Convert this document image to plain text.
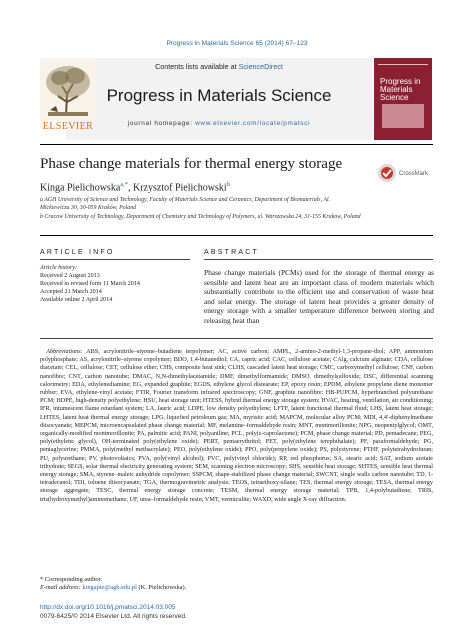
Progress in Materials Science 65 (2014) 67–123
ELSEVIER
Contents lists available at ScienceDirect
Progress in Materials Science
journal homepage: www.elsevier.com/locate/pmatsci
Progress in Materials Science
Phase change materials for thermal energy storage
CrossMark
Kinga Pielichowska$^{a,*}$, Krzysztof Pielichowski$^b$
a AGH University of Science and Technology, Faculty of Materials Science and Ceramics, Department of Biomaterials, Al.
Mickiewicza 30, 30-059 Kraków, Poland
b Cracow University of Technology, Department of Chemistry and Technology of Polymers, ul. Warszawska 24, 31-155 Krakow, Poland
ARTICLE INFO	ABSTRACT
Article history:
Received 2 August 2013
Received in revised form 11 March 2014
Accepted 21 March 2014
Available online 2 April 2014
Phase change materials (PCMs) used for the storage of thermal energy as sensible and latent heat are an important class of modern materials which substantially contribute to the efficient use and conservation of waste heat and solar energy. The storage of latent heat provides a greater density of energy storage with a smaller temperature difference between storing and releasing heat than
 Abbreviations: ABS, acrylonitrile–styrene–butadiene terpolymer; AC, active carbon; AMPL, 2-amino-2-methyl-1,3-propane-diol; APP, ammonium polyphosphate; AS, acrylonitrile–styrene copolymer; BDO, 1,4-butanediol; CA, capric acid; CAC, cellulose acetate; CAlg, calcium alginate; CDA, cellulose diacetate; CEL, cellulose; CET, cellulose ether; CHS, composite heat sink; CLHS, cascaded latent heat storage; CMC, carboxymethyl cellulose; CNF, carbon nanofibre; CNT, carbon nanotube; DMAC, N,N-dimethylacetamide; DMF, dimethylformamide; DMSO, dimethylsulfoxide; DSC, differential scanning calorimetry; EDA, ethylenediamine; EG, expanded graphite; EGDS, ethylene glycol distearate; EP, epoxy resin; EPDM, ethylene propylene diene monomer rubber; EVA, ethylene-vinyl acetate; FTIR, Fourier transform infrared spectroscopy; GNF, graphite nanofibre; HB-PUPCM, hyperbranched polyurethane PCM; HDPE, high-density polyethylene; HSU, heat storage unit; HTESS, hybrid thermal energy storage system; HVAC, heating, ventilation, air conditioning; IFR, intumescent flame retardant system; LA, lauric acid; LDPE, low density polyethylene; LFTF, latent functional thermal fluid; LHS, latent heat storage; LHTES, latent heat thermal energy storage; LPG, liquefied petroleum gas; MA, myristic acid; MAPCM, molecular alloy PCM; MDI, 4,4′-diphenylmethane diisocyanate; MEPCM, microencapsulated phase change material; MF, melamine–formaldehyde resin; MNT, montmorillonite; NPG, neopentylglycol; OMT, organically-modified montmorillonite; PA, palmitic acid; PANI, polyaniline; PCL, poly(ε-caprolactone); PCM, phase change material; PD, pentadecane; PEG, poly(ethylene glycol), OH-terminated poly(ethylene oxide); PERT, pentaerythritol; PET, poly(ethylene terephthalate); PF, paraformaldehyde; PG, pentaglycerine; PMMA, poly(methyl methacrylate); PEO, poly(ethylene oxide); PPO, poly(propylene oxide); PS, polystyrene; PTHF, polytetrahydrofuran; PU, polyurethane; PV, photovoltaics; PVA, poly(vinyl alcohol); PVC, poly(vinyl chloride); RP, red phosphorus; SA, stearic acid; SAT, sodium acetate trihydrate; SEGS, solar thermal electricity generating system; SEM, scanning electron microscopy; SHS, sensible heat storage; SHTES, sensible heat thermal energy storage; SMA, styrene–maleic anhydride copolymer; SSPCM, shape-stabilized phase change material; SWCNT, single walls carbon nanotube; TD, 1-tetradecanol; TDI, toluene diisocyanate; TGA, thermogravimetric analysis; TEOS, tetraethoxy-silane; TES, thermal energy storage; TESA, thermal energy storage aggregate; TESC, thermal energy storage concrete; TESM, thermal energy storage material; TPB, 1,4-polybutadiene; TRIS, tris(hydroxymethyl)aminomethane; UF, urea–formaldehyde resin; VMT, vermiculite; WAXD, wide angle X-ray diffraction.
* Corresponding author.
E-mail address: kingapie@agh.edu.pl (K. Pielichowska).
http://dx.doi.org/10.1016/j.pmatsci.2014.03.005
0079-6425/© 2014 Elsevier Ltd. All rights reserved.
